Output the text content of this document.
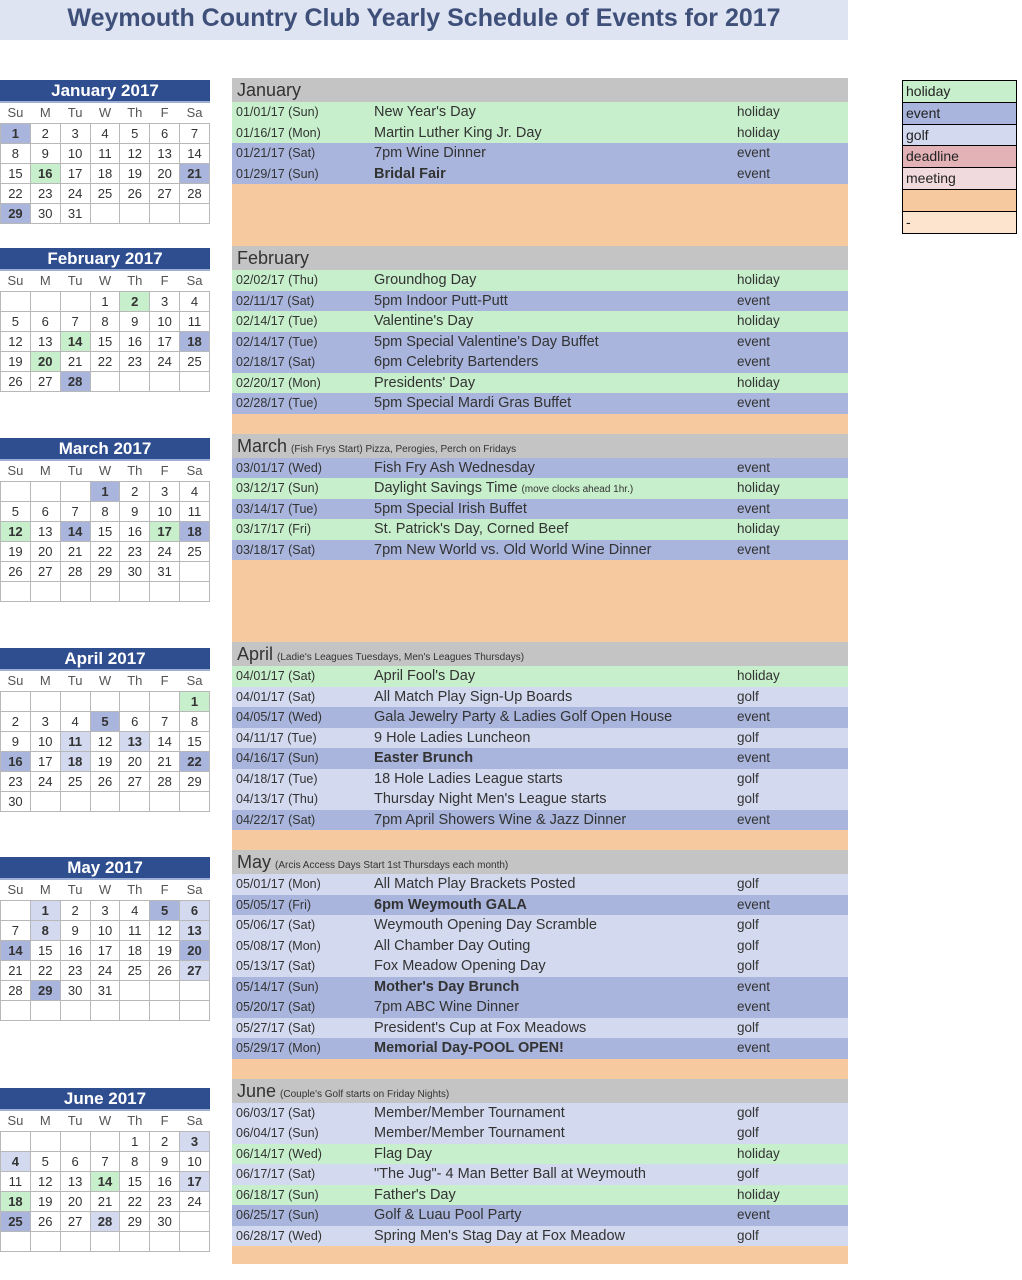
Weymouth Country Club Yearly Schedule of Events for 2017
January 2017
Su	M	Tu	W	Th	F	Sa
1	2	3	4	5	6	7
8	9	10	11	12	13	14
15	16	17	18	19	20	21
22	23	24	25	26	27	28
29	30	31				
February 2017
Su	M	Tu	W	Th	F	Sa
			1	2	3	4
5	6	7	8	9	10	11
12	13	14	15	16	17	18
19	20	21	22	23	24	25
26	27	28				
March 2017
Su	M	Tu	W	Th	F	Sa
			1	2	3	4
5	6	7	8	9	10	11
12	13	14	15	16	17	18
19	20	21	22	23	24	25
26	27	28	29	30	31	

April 2017
Su	M	Tu	W	Th	F	Sa
						1
2	3	4	5	6	7	8
9	10	11	12	13	14	15
16	17	18	19	20	21	22
23	24	25	26	27	28	29
30						
May 2017
Su	M	Tu	W	Th	F	Sa
	1	2	3	4	5	6
7	8	9	10	11	12	13
14	15	16	17	18	19	20
21	22	23	24	25	26	27
28	29	30	31			

June 2017
Su	M	Tu	W	Th	F	Sa
				1	2	3
4	5	6	7	8	9	10
11	12	13	14	15	16	17
18	19	20	21	22	23	24
25	26	27	28	29	30	

January
01/01/17 (Sun)	New Year's Day	holiday
01/16/17 (Mon)	Martin Luther King Jr. Day	holiday
01/21/17 (Sat)	7pm Wine Dinner	event
01/29/17 (Sun)	Bridal Fair	event
February
02/02/17 (Thu)	Groundhog Day	holiday
02/11/17 (Sat)	5pm Indoor Putt-Putt	event
02/14/17 (Tue)	Valentine's Day	holiday
02/14/17 (Tue)	5pm Special Valentine's Day Buffet	event
02/18/17 (Sat)	6pm Celebrity Bartenders	event
02/20/17 (Mon)	Presidents' Day	holiday
02/28/17 (Tue)	5pm Special Mardi Gras Buffet	event
March (Fish Frys Start) Pizza, Perogies, Perch on Fridays
03/01/17 (Wed)	Fish Fry Ash Wednesday	event
03/12/17 (Sun)	Daylight Savings Time (move clocks ahead 1hr.)	holiday
03/14/17 (Tue)	5pm Special Irish Buffet	event
03/17/17 (Fri)	St. Patrick's Day, Corned Beef	holiday
03/18/17 (Sat)	7pm New World vs. Old World Wine Dinner	event
April (Ladie's Leagues Tuesdays, Men's Leagues Thursdays)
04/01/17 (Sat)	April Fool's Day	holiday
04/01/17 (Sat)	All Match Play Sign-Up Boards	golf
04/05/17 (Wed)	Gala Jewelry Party & Ladies Golf Open House	event
04/11/17 (Tue)	9 Hole Ladies Luncheon	golf
04/16/17 (Sun)	Easter Brunch	event
04/18/17 (Tue)	18 Hole Ladies League starts	golf
04/13/17 (Thu)	Thursday Night Men's League starts	golf
04/22/17 (Sat)	7pm April Showers Wine & Jazz Dinner	event
May (Arcis Access Days Start 1st Thursdays each month)
05/01/17 (Mon)	All Match Play Brackets Posted	golf
05/05/17 (Fri)	6pm Weymouth GALA	event
05/06/17 (Sat)	Weymouth Opening Day Scramble	golf
05/08/17 (Mon)	All Chamber Day Outing	golf
05/13/17 (Sat)	Fox Meadow Opening Day	golf
05/14/17 (Sun)	Mother's Day Brunch	event
05/20/17 (Sat)	7pm ABC Wine Dinner	event
05/27/17 (Sat)	President's Cup at Fox Meadows	golf
05/29/17 (Mon)	Memorial Day-POOL OPEN!	event
June (Couple's Golf starts on Friday Nights)
06/03/17 (Sat)	Member/Member Tournament	golf
06/04/17 (Sun)	Member/Member Tournament	golf
06/14/17 (Wed)	Flag Day	holiday
06/17/17 (Sat)	"The Jug"- 4 Man Better Ball at Weymouth	golf
06/18/17 (Sun)	Father's Day	holiday
06/25/17 (Sun)	Golf & Luau Pool Party	event
06/28/17 (Wed)	Spring Men's Stag Day at Fox Meadow	golf
holiday
event
golf
deadline
meeting
-
